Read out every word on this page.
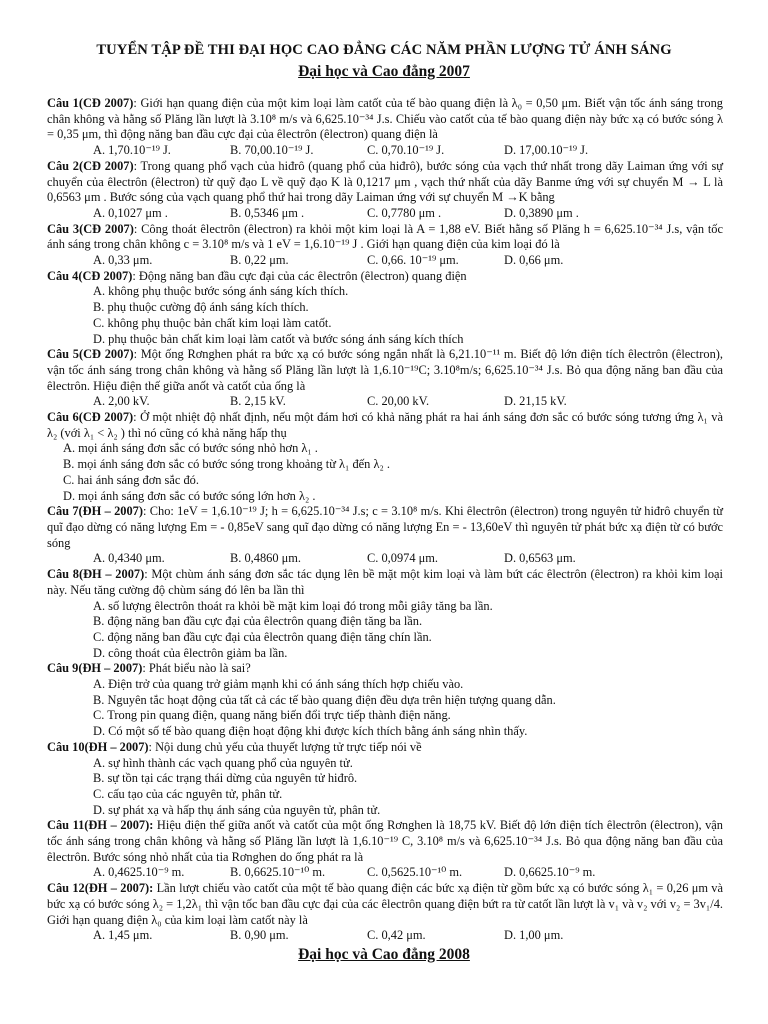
TUYỂN TẬP ĐỀ THI ĐẠI HỌC CAO ĐẲNG CÁC NĂM PHẦN LƯỢNG TỬ ÁNH SÁNG
Đại học và Cao đẳng 2007

Câu 1(CĐ 2007): Giới hạn quang điện của một kim loại làm catốt của tế bào quang điện là λ₀ = 0,50 μm. Biết vận tốc ánh sáng trong chân không và hằng số Plăng lần lượt là 3.10⁸ m/s và 6,625.10⁻³⁴ J.s. Chiếu vào catốt của tế bào quang điện này bức xạ có bước sóng λ = 0,35 μm, thì động năng ban đầu cực đại của êlectrôn (êlectron) quang điện là

A. 1,70.10⁻¹⁹ J.	B. 70,00.10⁻¹⁹ J.	C. 0,70.10⁻¹⁹ J.	D. 17,00.10⁻¹⁹ J.

Câu 2(CĐ 2007): Trong quang phổ vạch của hiđrô (quang phổ của hiđrô), bước sóng của vạch thứ nhất trong dãy Laiman ứng với sự chuyển của êlectrôn (êlectron) từ quỹ đạo L về quỹ đạo K là 0,1217 μm , vạch thứ nhất của dãy Banme ứng với sự chuyển M → L là 0,6563 μm . Bước sóng của vạch quang phổ thứ hai trong dãy Laiman ứng với sự chuyển M →K bằng

A. 0,1027 μm .	B. 0,5346 μm .	C. 0,7780 μm .	D. 0,3890 μm .

Câu 3(CĐ 2007): Công thoát êlectrôn (êlectron) ra khỏi một kim loại là A = 1,88 eV. Biết hằng số Plăng h = 6,625.10⁻³⁴ J.s, vận tốc ánh sáng trong chân không c = 3.10⁸ m/s và 1 eV = 1,6.10⁻¹⁹ J . Giới hạn quang điện của kim loại đó là

A. 0,33 μm.	B. 0,22 μm.	C. 0,66. 10⁻¹⁹ μm.	D. 0,66 μm.

Câu 4(CĐ 2007): Động năng ban đầu cực đại của các êlectrôn (êlectron) quang điện

A. không phụ thuộc bước sóng ánh sáng kích thích.

B. phụ thuộc cường độ ánh sáng kích thích.

C. không phụ thuộc bản chất kim loại làm catốt.

D. phụ thuộc bản chất kim loại làm catốt và bước sóng ánh sáng kích thích

Câu 5(CĐ 2007): Một ống Rơnghen phát ra bức xạ có bước sóng ngắn nhất là 6,21.10⁻¹¹ m. Biết độ lớn điện tích êlectrôn (êlectron), vận tốc ánh sáng trong chân không và hằng số Plăng lần lượt là 1,6.10⁻¹⁹C; 3.10⁸m/s; 6,625.10⁻³⁴ J.s. Bỏ qua động năng ban đầu của êlectrôn. Hiệu điện thế giữa anốt và catốt của ống là

A. 2,00 kV.	B. 2,15 kV.	C. 20,00 kV.	D. 21,15 kV.

Câu 6(CĐ 2007): Ở một nhiệt độ nhất định, nếu một đám hơi có khả năng phát ra hai ánh sáng đơn sắc có bước sóng tương ứng λ₁ và λ₂ (với λ₁ < λ₂ ) thì nó cũng có khả năng hấp thụ

A. mọi ánh sáng đơn sắc có bước sóng nhỏ hơn λ₁ .

B. mọi ánh sáng đơn sắc có bước sóng trong khoảng từ λ₁ đến λ₂ .

C. hai ánh sáng đơn sắc đó.

D. mọi ánh sáng đơn sắc có bước sóng lớn hơn λ₂ .

Câu 7(ĐH – 2007): Cho: 1eV = 1,6.10⁻¹⁹ J; h = 6,625.10⁻³⁴ J.s; c = 3.10⁸ m/s. Khi êlectrôn (êlectron) trong nguyên tử hiđrô chuyển từ quĩ đạo dừng có năng lượng Em = - 0,85eV sang quĩ đạo dừng có năng lượng En = - 13,60eV thì nguyên tử phát bức xạ điện từ có bước sóng

A. 0,4340 μm.	B. 0,4860 μm.	C. 0,0974 μm.	D. 0,6563 μm.

Câu 8(ĐH – 2007): Một chùm ánh sáng đơn sắc tác dụng lên bề mặt một kim loại và làm bứt các êlectrôn (êlectron) ra khỏi kim loại này. Nếu tăng cường độ chùm sáng đó lên ba lần thì

A. số lượng êlectrôn thoát ra khỏi bề mặt kim loại đó trong mỗi giây tăng ba lần.

B. động năng ban đầu cực đại của êlectrôn quang điện tăng ba lần.

C. động năng ban đầu cực đại của êlectrôn quang điện tăng chín lần.

D. công thoát của êlectrôn giảm ba lần.

Câu 9(ĐH – 2007): Phát biểu nào là sai?

A. Điện trở của quang trở giảm mạnh khi có ánh sáng thích hợp chiếu vào.

B. Nguyên tắc hoạt động của tất cả các tế bào quang điện đều dựa trên hiện tượng quang dẫn.

C. Trong pin quang điện, quang năng biến đổi trực tiếp thành điện năng.

D. Có một số tế bào quang điện hoạt động khi được kích thích bằng ánh sáng nhìn thấy.

Câu 10(ĐH – 2007): Nội dung chủ yếu của thuyết lượng tử trực tiếp nói về

A. sự hình thành các vạch quang phổ của nguyên tử.

B. sự tồn tại các trạng thái dừng của nguyên tử hiđrô.

C. cấu tạo của các nguyên tử, phân tử.

D. sự phát xạ và hấp thụ ánh sáng của nguyên tử, phân tử.

Câu 11(ĐH – 2007): Hiệu điện thế giữa anốt và catốt của một ống Rơnghen là 18,75 kV. Biết độ lớn điện tích êlectrôn (êlectron), vận tốc ánh sáng trong chân không và hằng số Plăng lần lượt là 1,6.10⁻¹⁹ C, 3.10⁸ m/s và 6,625.10⁻³⁴ J.s. Bỏ qua động năng ban đầu của êlectrôn. Bước sóng nhỏ nhất của tia Rơnghen do ống phát ra là

A. 0,4625.10⁻⁹ m.	B. 0,6625.10⁻¹⁰ m.	C. 0,5625.10⁻¹⁰ m.	D. 0,6625.10⁻⁹ m.

Câu 12(ĐH – 2007): Lần lượt chiếu vào catốt của một tế bào quang điện các bức xạ điện từ gồm bức xạ có bước sóng λ₁ = 0,26 μm và bức xạ có bước sóng λ₂ = 1,2λ₁ thì vận tốc ban đầu cực đại của các êlectrôn quang điện bứt ra từ catốt lần lượt là v₁ và v₂ với v₂ = 3v₁/4. Giới hạn quang điện λ₀ của kim loại làm catốt này là

A. 1,45 μm.	B. 0,90 μm.	C. 0,42 μm.	D. 1,00 μm.
Đại học và Cao đẳng 2008
